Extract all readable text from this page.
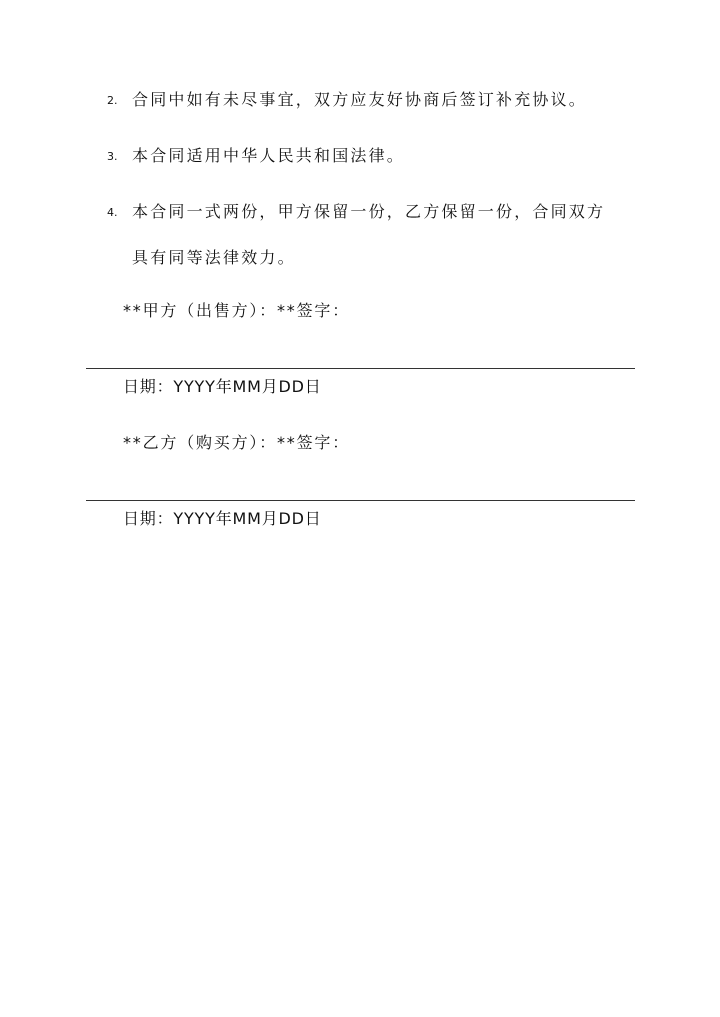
2. 合同中如有未尽事宜，双方应友好协商后签订补充协议。
3. 本合同适用中华人民共和国法律。
4. 本合同一式两份，甲方保留一份，乙方保留一份，合同双方
具有同等法律效力。
**甲方（出售方）：**签字：
日期：YYYY年MM月DD日
**乙方（购买方）：**签字：
日期：YYYY年MM月DD日
